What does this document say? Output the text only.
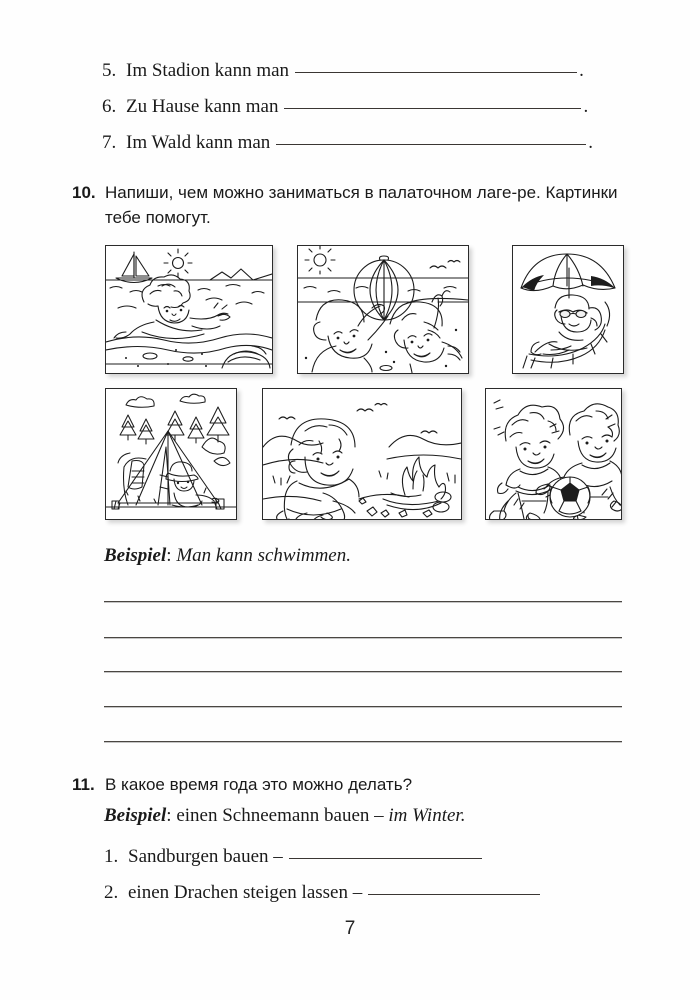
5. Im Stadion kann man	.
6. Zu Hause kann man	.
7. Im Wald kann man	.
10. Напиши, чем можно заниматься в палаточном лаге-ре. Картинки тебе помогут.
Beispiel: Man kann schwimmen.
11. В какое время года это можно делать?
Beispiel: einen Schneemann bauen – im Winter.
1. Sandburgen bauen –
2. einen Drachen steigen lassen –
7
